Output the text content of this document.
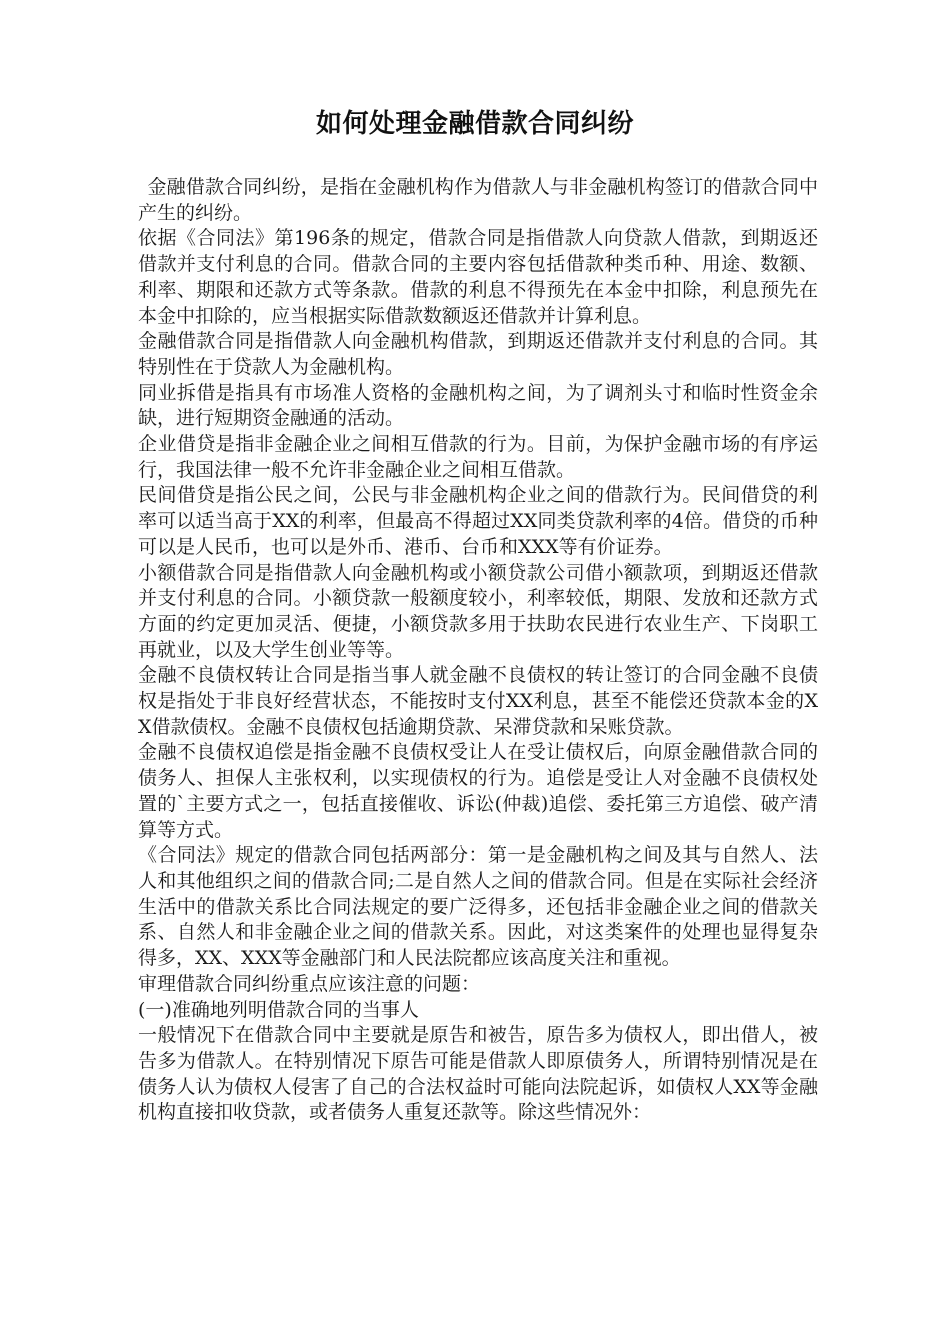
如何处理金融借款合同纠纷

金融借款合同纠纷，是指在金融机构作为借款人与非金融机构签订的借款合同中产生的纠纷。

依据《合同法》第196条的规定，借款合同是指借款人向贷款人借款，到期返还借款并支付利息的合同。借款合同的主要内容包括借款种类币种、用途、数额、利率、期限和还款方式等条款。借款的利息不得预先在本金中扣除，利息预先在本金中扣除的，应当根据实际借款数额返还借款并计算利息。

金融借款合同是指借款人向金融机构借款，到期返还借款并支付利息的合同。其特别性在于贷款人为金融机构。

同业拆借是指具有市场准人资格的金融机构之间，为了调剂头寸和临时性资金余缺，进行短期资金融通的活动。

企业借贷是指非金融企业之间相互借款的行为。目前，为保护金融市场的有序运行，我国法律一般不允许非金融企业之间相互借款。

民间借贷是指公民之间，公民与非金融机构企业之间的借款行为。民间借贷的利率可以适当高于XX的利率，但最高不得超过XX同类贷款利率的4倍。借贷的币种可以是人民币，也可以是外币、港币、台币和XXX等有价证券。

小额借款合同是指借款人向金融机构或小额贷款公司借小额款项，到期返还借款并支付利息的合同。小额贷款一般额度较小，利率较低，期限、发放和还款方式方面的约定更加灵活、便捷，小额贷款多用于扶助农民进行农业生产、下岗职工再就业，以及大学生创业等等。

金融不良债权转让合同是指当事人就金融不良债权的转让签订的合同金融不良债权是指处于非良好经营状态，不能按时支付XX利息，甚至不能偿还贷款本金的XX借款债权。金融不良债权包括逾期贷款、呆滞贷款和呆账贷款。

金融不良债权追偿是指金融不良债权受让人在受让债权后，向原金融借款合同的债务人、担保人主张权利，以实现债权的行为。追偿是受让人对金融不良债权处置的`主要方式之一，包括直接催收、诉讼(仲裁)追偿、委托第三方追偿、破产清算等方式。

《合同法》规定的借款合同包括两部分：第一是金融机构之间及其与自然人、法人和其他组织之间的借款合同;二是自然人之间的借款合同。但是在实际社会经济生活中的借款关系比合同法规定的要广泛得多，还包括非金融企业之间的借款关系、自然人和非金融企业之间的借款关系。因此，对这类案件的处理也显得复杂得多，XX、XXX等金融部门和人民法院都应该高度关注和重视。

审理借款合同纠纷重点应该注意的问题：

(一)准确地列明借款合同的当事人

一般情况下在借款合同中主要就是原告和被告，原告多为债权人，即出借人，被告多为借款人。在特别情况下原告可能是借款人即原债务人，所谓特别情况是在债务人认为债权人侵害了自己的合法权益时可能向法院起诉，如债权人XX等金融机构直接扣收贷款，或者债务人重复还款等。除这些情况外：
